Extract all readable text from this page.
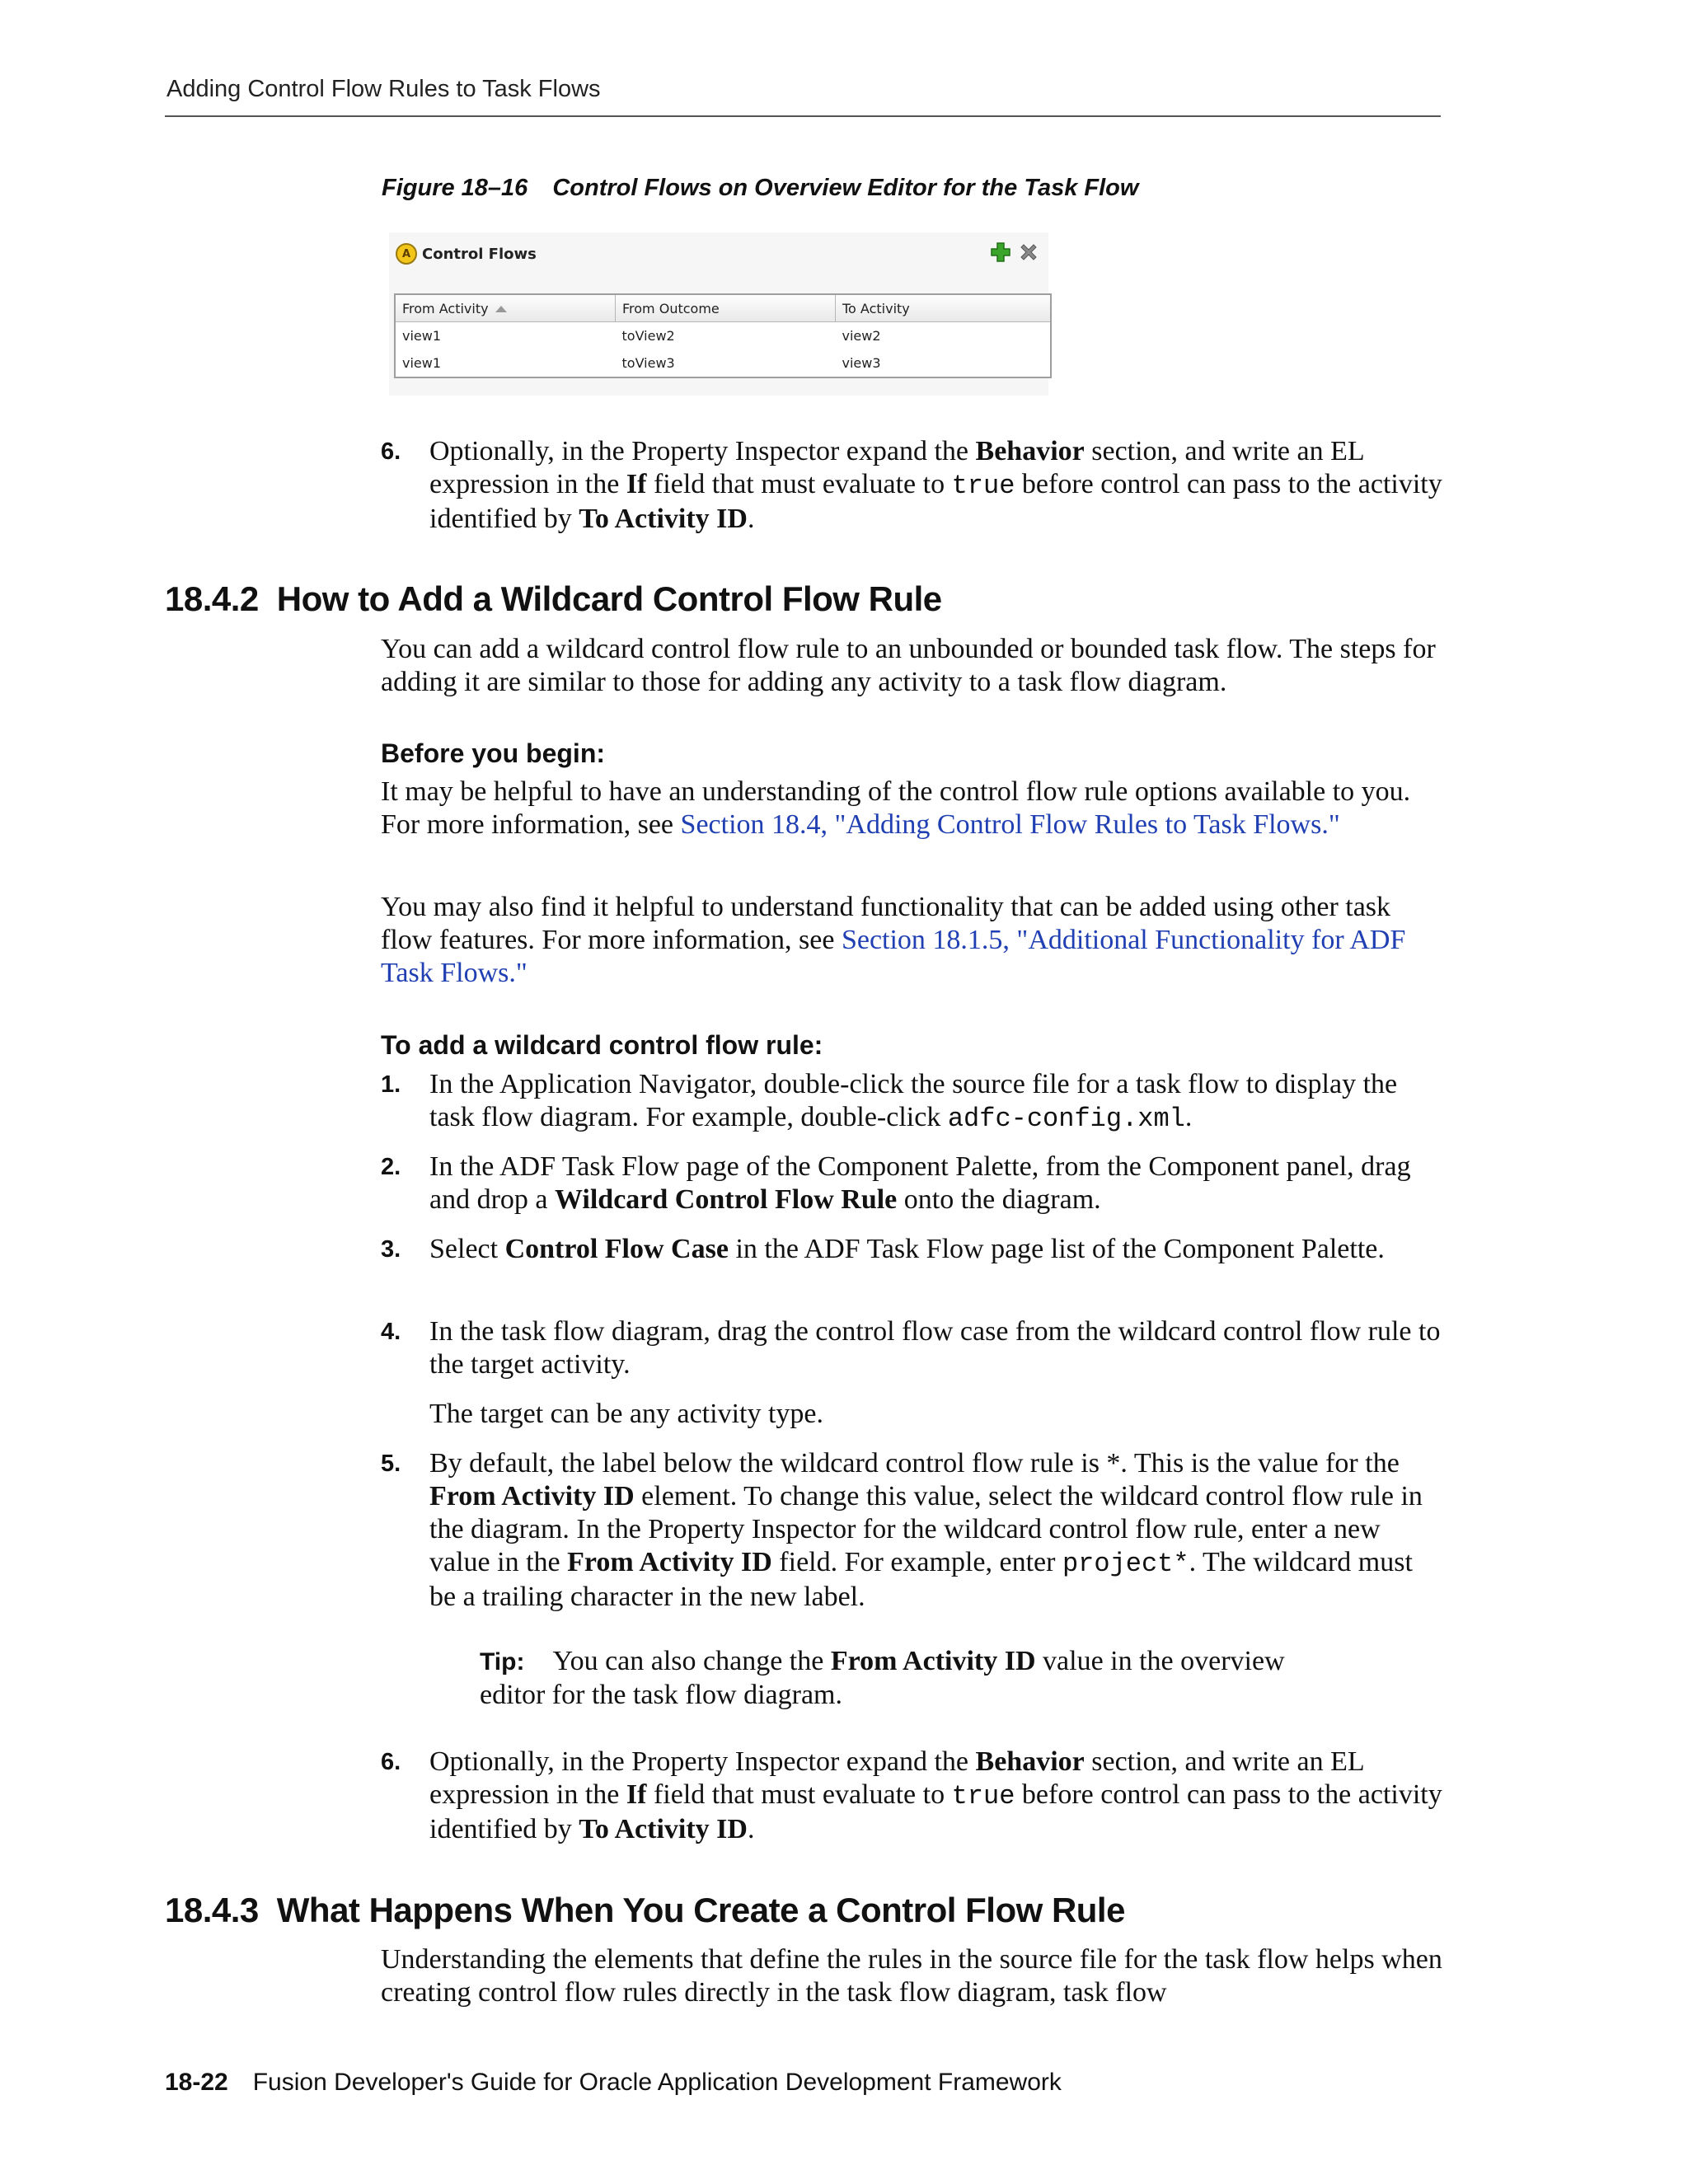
Adding Control Flow Rules to Task Flows
Figure 18–16 Control Flows on Overview Editor for the Task Flow
A Control Flows
From Activity	From Outcome	To Activity
view1	toView2	view2
view1	toView3	view3
6. Optionally, in the Property Inspector expand the Behavior section, and write an EL expression in the If field that must evaluate to true before control can pass to the activity identified by To Activity ID.
18.4.2 How to Add a Wildcard Control Flow Rule

You can add a wildcard control flow rule to an unbounded or bounded task flow. The steps for adding it are similar to those for adding any activity to a task flow diagram.

Before you begin:

It may be helpful to have an understanding of the control flow rule options available to you. For more information, see Section 18.4, "Adding Control Flow Rules to Task Flows."

You may also find it helpful to understand functionality that can be added using other task flow features. For more information, see Section 18.1.5, "Additional Functionality for ADF Task Flows."

To add a wildcard control flow rule:
1. In the Application Navigator, double-click the source file for a task flow to display the task flow diagram. For example, double-click adfc-config.xml.
2. In the ADF Task Flow page of the Component Palette, from the Component panel, drag and drop a Wildcard Control Flow Rule onto the diagram.
3. Select Control Flow Case in the ADF Task Flow page list of the Component Palette.
4. In the task flow diagram, drag the control flow case from the wildcard control flow rule to the target activity.
The target can be any activity type.
5. By default, the label below the wildcard control flow rule is *. This is the value for the From Activity ID element. To change this value, select the wildcard control flow rule in the diagram. In the Property Inspector for the wildcard control flow rule, enter a new value in the From Activity ID field. For example, enter project*. The wildcard must be a trailing character in the new label.
Tip: You can also change the From Activity ID value in the overview editor for the task flow diagram.
6. Optionally, in the Property Inspector expand the Behavior section, and write an EL expression in the If field that must evaluate to true before control can pass to the activity identified by To Activity ID.
18.4.3 What Happens When You Create a Control Flow Rule

Understanding the elements that define the rules in the source file for the task flow helps when creating control flow rules directly in the task flow diagram, task flow

18-22 Fusion Developer's Guide for Oracle Application Development Framework
